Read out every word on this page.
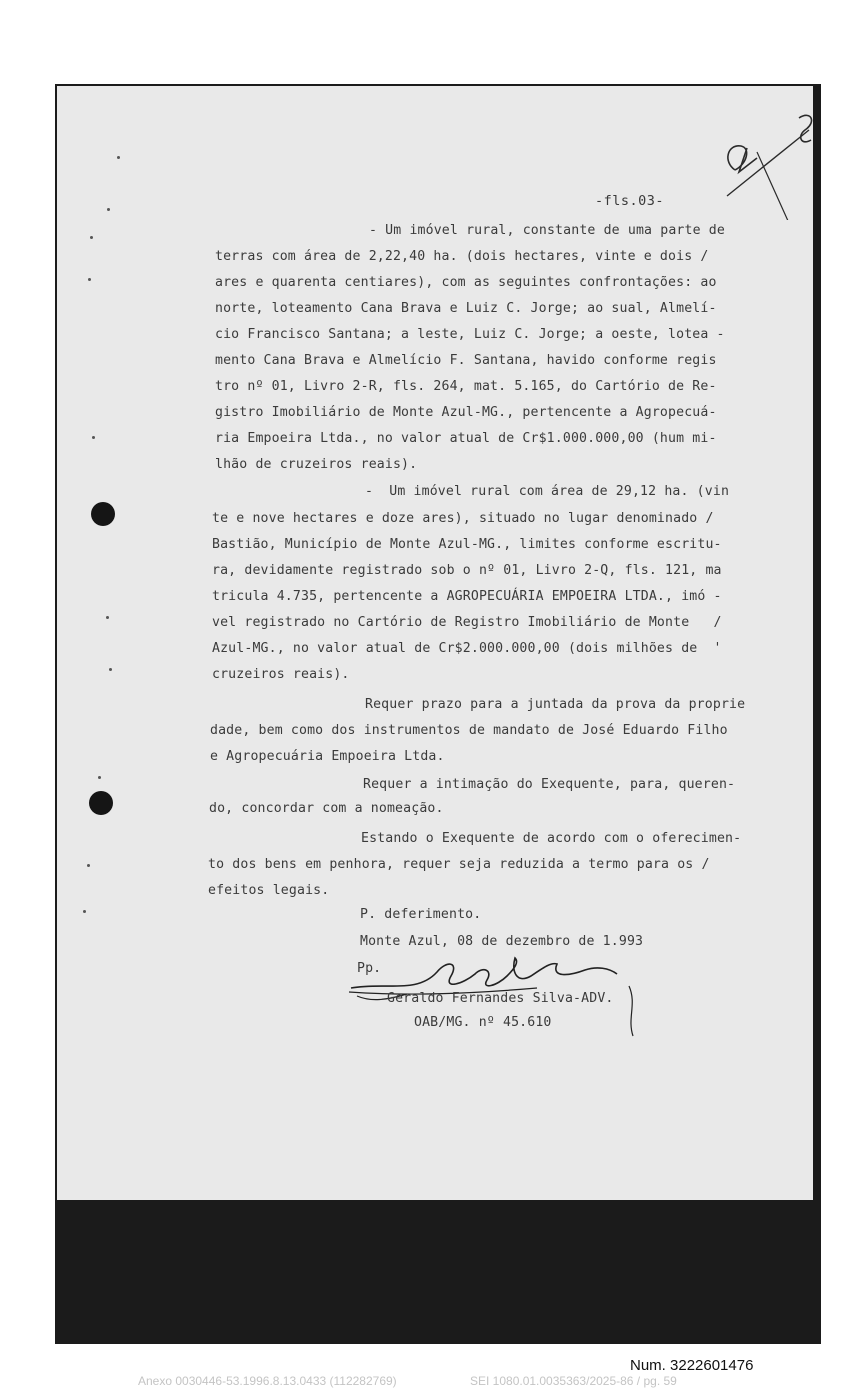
-fls.03-
- Um imóvel rural, constante de uma parte de
terras com área de 2,22,40 ha. (dois hectares, vinte e dois /
ares e quarenta centiares), com as seguintes confrontações: ao
norte, loteamento Cana Brava e Luiz C. Jorge; ao sual, Almelí-
cio Francisco Santana; a leste, Luiz C. Jorge; a oeste, lotea -
mento Cana Brava e Almelício F. Santana, havido conforme regis
tro nº 01, Livro 2-R, fls. 264, mat. 5.165, do Cartório de Re-
gistro Imobiliário de Monte Azul-MG., pertencente a Agropecuá-
ria Empoeira Ltda., no valor atual de Cr$1.000.000,00 (hum mi-
lhão de cruzeiros reais).
-  Um imóvel rural com área de 29,12 ha. (vin
te e nove hectares e doze ares), situado no lugar denominado /
Bastião, Município de Monte Azul-MG., limites conforme escritu-
ra, devidamente registrado sob o nº 01, Livro 2-Q, fls. 121, ma
tricula 4.735, pertencente a AGROPECUÁRIA EMPOEIRA LTDA., imó -
vel registrado no Cartório de Registro Imobiliário de Monte   /
Azul-MG., no valor atual de Cr$2.000.000,00 (dois milhões de  '
cruzeiros reais).
Requer prazo para a juntada da prova da proprie
dade, bem como dos instrumentos de mandato de José Eduardo Filho
e Agropecuária Empoeira Ltda.
Requer a intimação do Exequente, para, queren-
do, concordar com a nomeação.
Estando o Exequente de acordo com o oferecimen-
to dos bens em penhora, requer seja reduzida a termo para os /
efeitos legais.
P. deferimento.
Monte Azul, 08 de dezembro de 1.993
Pp.
Geraldo Fernandes Silva-ADV.
OAB/MG. nº 45.610
Num. 3222601476
Anexo 0030446-53.1996.8.13.0433 (112282769)	SEI 1080.01.0035363/2025-86 / pg. 59
